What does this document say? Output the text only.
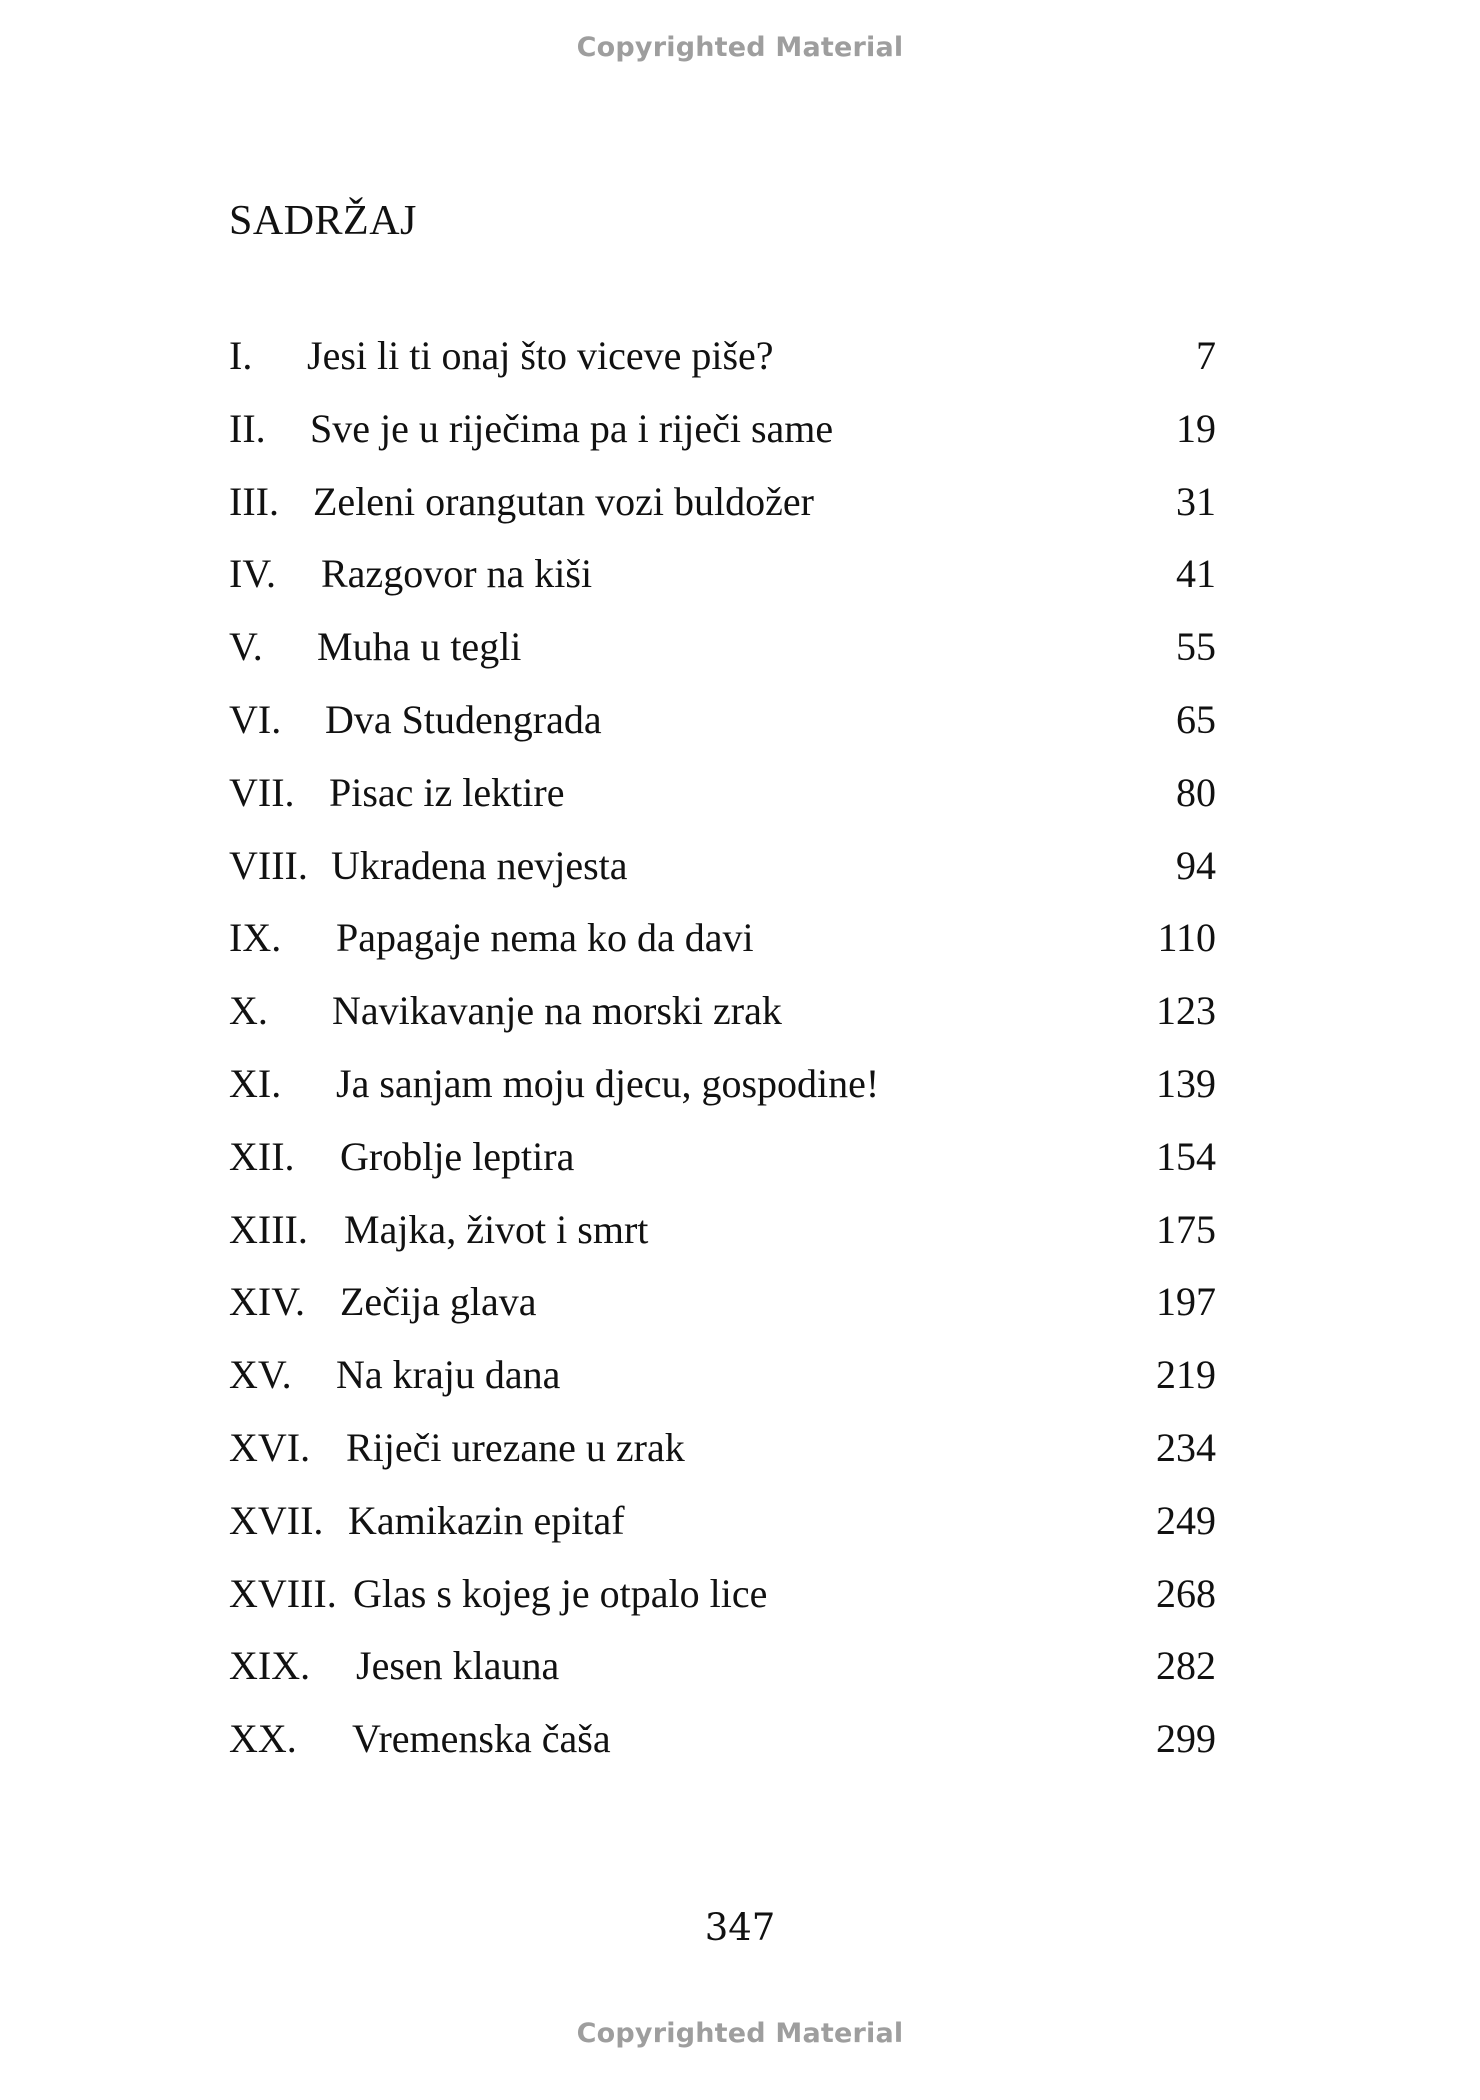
Copyrighted Material
SADRŽAJ
I. Jesi li ti onaj što viceve piše?	7
II. Sve je u riječima pa i riječi same	19
III. Zeleni orangutan vozi buldožer	31
IV. Razgovor na kiši	41
V. Muha u tegli	55
VI. Dva Studengrada	65
VII. Pisac iz lektire	80
VIII. Ukradena nevjesta	94
IX. Papagaje nema ko da davi	110
X. Navikavanje na morski zrak	123
XI. Ja sanjam moju djecu, gospodine!	139
XII. Groblje leptira	154
XIII. Majka, život i smrt	175
XIV. Zečija glava	197
XV. Na kraju dana	219
XVI. Riječi urezane u zrak	234
XVII. Kamikazin epitaf	249
XVIII. Glas s kojeg je otpalo lice	268
XIX. Jesen klauna	282
XX. Vremenska čaša	299
347
Copyrighted Material
